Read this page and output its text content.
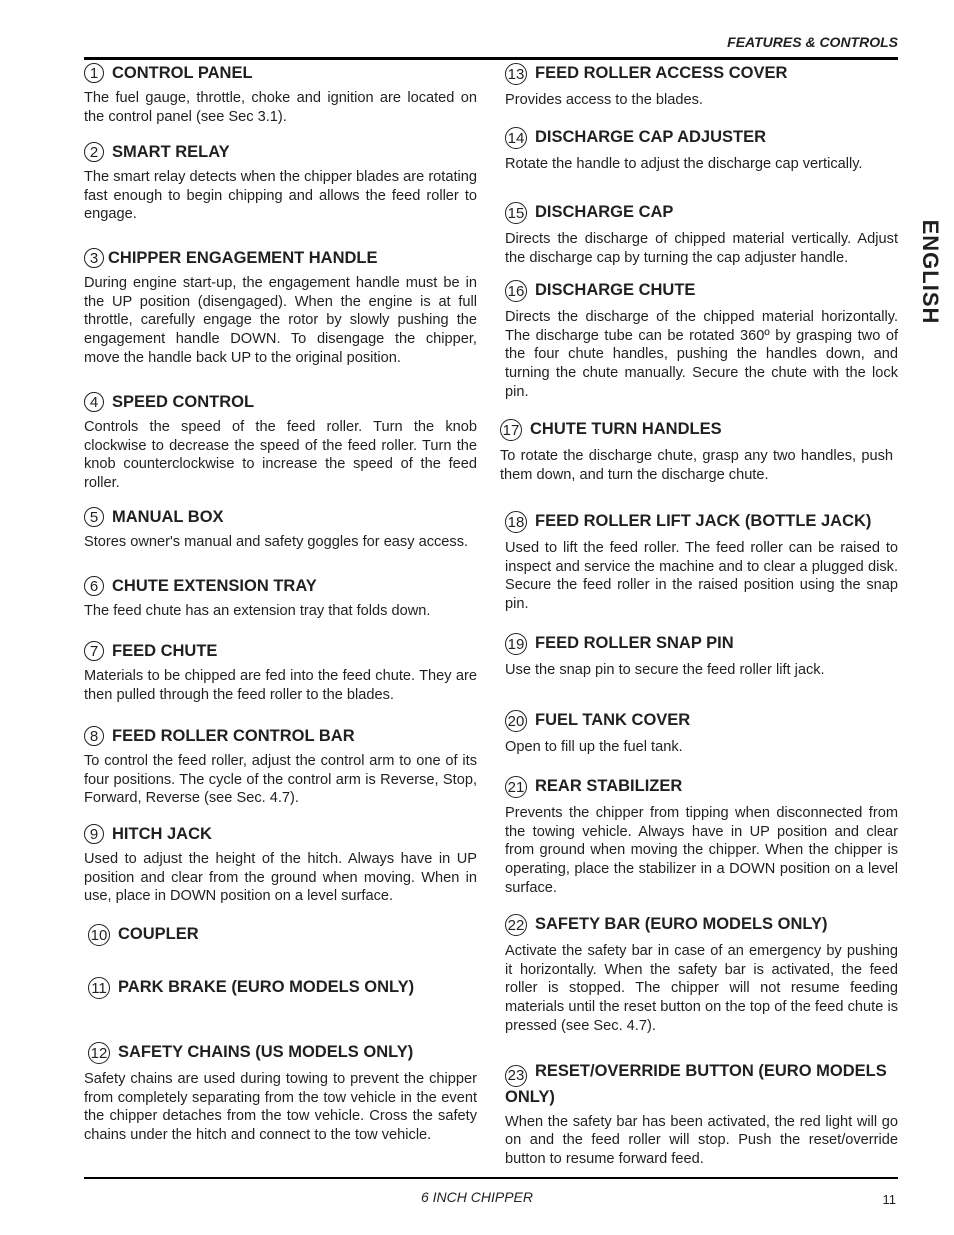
FEATURES & CONTROLS
ENGLISH
1 CONTROL PANEL

The fuel gauge, throttle, choke and ignition are located on the control panel (see Sec 3.1).

2 SMART RELAY

The smart relay detects when the chipper blades are rotating fast enough to begin chipping and allows the feed roller to engage.

3 CHIPPER ENGAGEMENT HANDLE

During engine start-up, the engagement handle must be in the UP position (disengaged). When the engine is at full throttle, carefully engage the rotor by slowly pushing the engagement handle DOWN. To disengage the chipper, move the handle back UP to the original position.

4 SPEED CONTROL

Controls the speed of the feed roller. Turn the knob clockwise to decrease the speed of the feed roller. Turn the knob counterclockwise to increase the speed of the feed roller.

5 MANUAL BOX

Stores owner's manual and safety goggles for easy access.

6 CHUTE EXTENSION TRAY

The feed chute has an extension tray that folds down.

7 FEED CHUTE

Materials to be chipped are fed into the feed chute. They are then pulled through the feed roller to the blades.

8 FEED ROLLER CONTROL BAR

To control the feed roller, adjust the control arm to one of its four positions. The cycle of the control arm is Reverse, Stop, Forward, Reverse (see Sec. 4.7).

9 HITCH JACK

Used to adjust the height of the hitch. Always have in UP position and clear from the ground when moving. When in use, place in DOWN position on a level surface.

10 COUPLER
11 PARK BRAKE (EURO MODELS ONLY)
12 SAFETY CHAINS (US MODELS ONLY)

Safety chains are used during towing to prevent the chipper from completely separating from the tow vehicle in the event the chipper detaches from the tow vehicle. Cross the safety chains under the hitch and connect to the tow vehicle.

13 FEED ROLLER ACCESS COVER

Provides access to the blades.

14 DISCHARGE CAP ADJUSTER

Rotate the handle to adjust the discharge cap vertically.

15 DISCHARGE CAP

Directs the discharge of chipped material vertically. Adjust the discharge cap by turning the cap adjuster handle.

16 DISCHARGE CHUTE

Directs the discharge of the chipped material horizontally. The discharge tube can be rotated 360º by grasping two of the four chute handles, pushing the handles down, and turning the chute manually. Secure the chute with the lock pin.

17 CHUTE TURN HANDLES

To rotate the discharge chute, grasp any two handles, push them down, and turn the discharge chute.

18 FEED ROLLER LIFT JACK (BOTTLE JACK)

Used to lift the feed roller. The feed roller can be raised to inspect and service the machine and to clear a plugged disk. Secure the feed roller in the raised position using the snap pin.

19 FEED ROLLER SNAP PIN

Use the snap pin to secure the feed roller lift jack.

20 FUEL TANK COVER

Open to fill up the fuel tank.

21 REAR STABILIZER

Prevents the chipper from tipping when disconnected from the towing vehicle. Always have in UP position and clear from ground when moving the chipper. When the chipper is operating, place the stabilizer in a DOWN position on a level surface.

22 SAFETY BAR (EURO MODELS ONLY)

Activate the safety bar in case of an emergency by pushing it horizontally. When the safety bar is activated, the feed roller is stopped. The chipper will not resume feeding materials until the reset button on the top of the feed chute is pressed (see Sec. 4.7).

23 RESET/OVERRIDE BUTTON (EURO MODELS ONLY)

When the safety bar has been activated, the red light will go on and the feed roller will stop. Push the reset/override button to resume forward feed.

6 INCH CHIPPER	11
